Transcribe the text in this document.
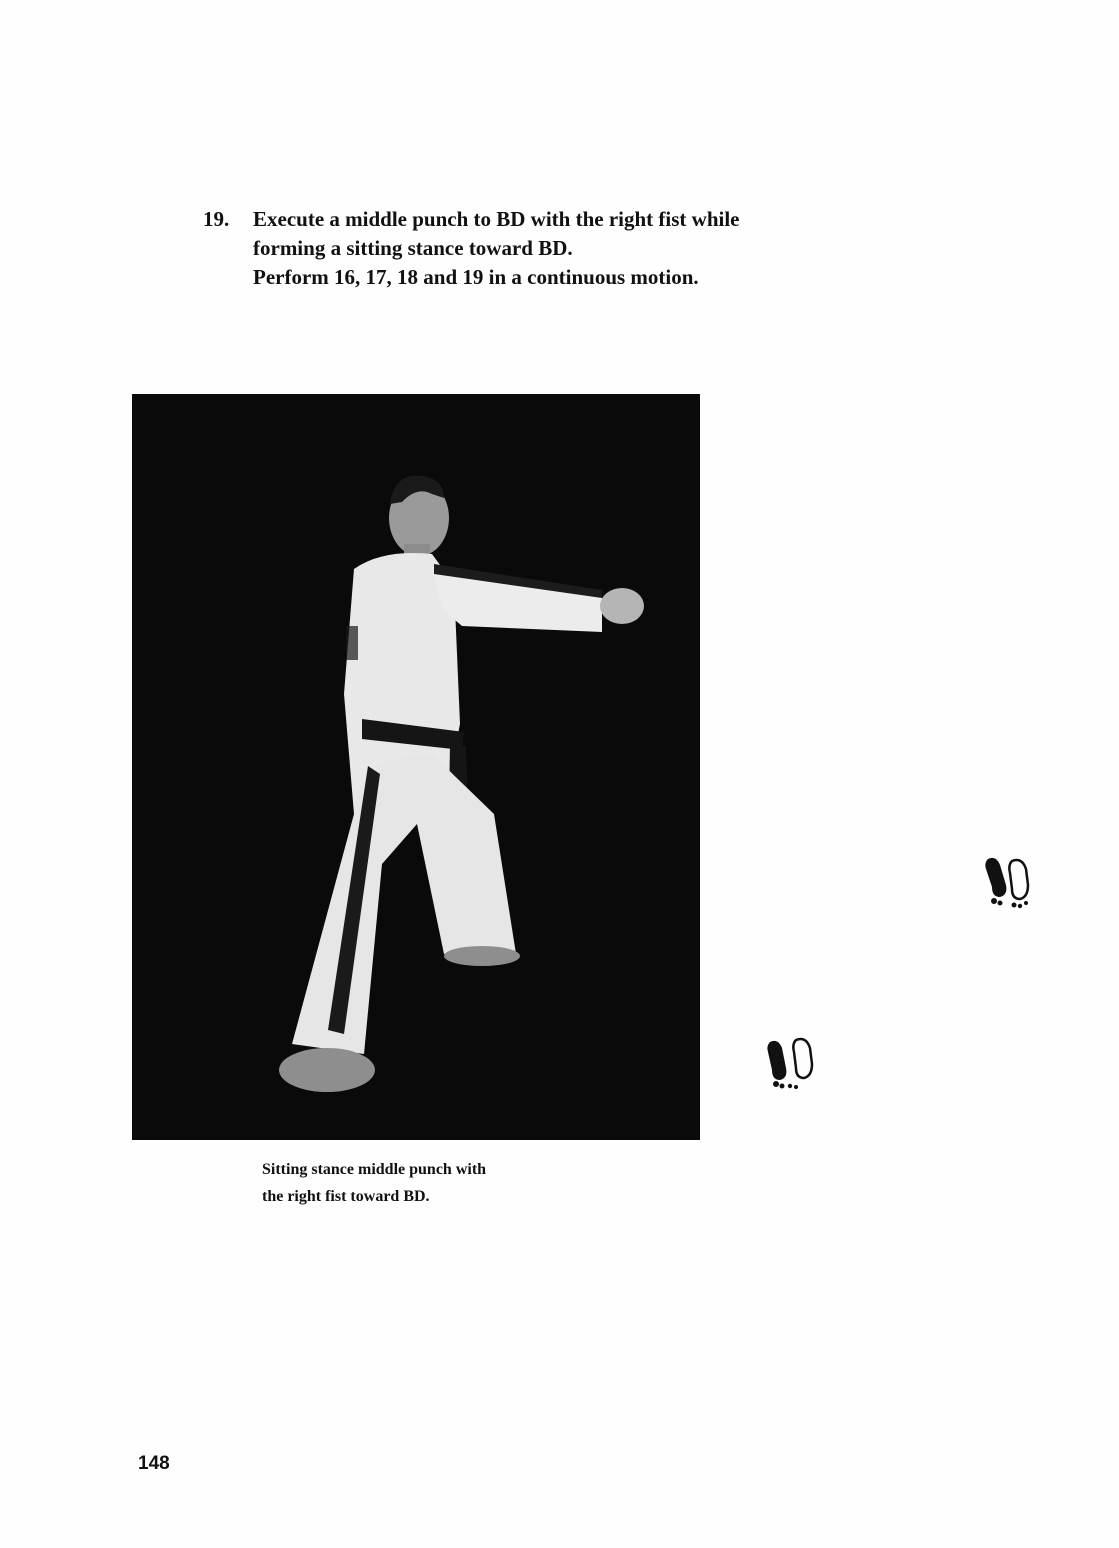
19. Execute a middle punch to BD with the right fist while
forming a sitting stance toward BD.
Perform 16, 17, 18 and 19 in a continuous motion.
Sitting stance middle punch with
the right fist toward BD.
148
